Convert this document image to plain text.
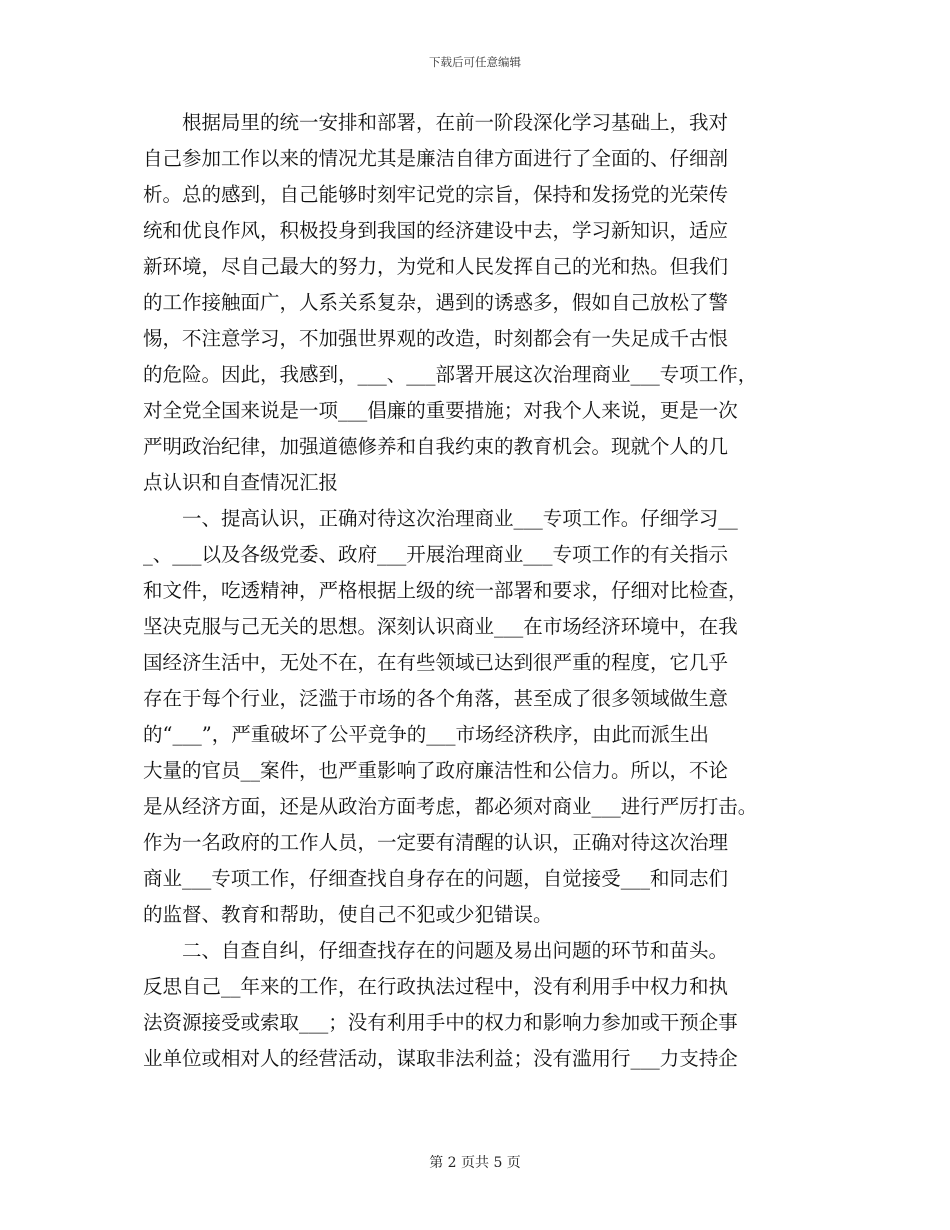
下载后可任意编辑
　　根据局里的统一安排和部署，在前一阶段深化学习基础上，我对
自己参加工作以来的情况尤其是廉洁自律方面进行了全面的、仔细剖
析。总的感到，自己能够时刻牢记党的宗旨，保持和发扬党的光荣传
统和优良作风，积极投身到我国的经济建设中去，学习新知识，适应
新环境，尽自己最大的努力，为党和人民发挥自己的光和热。但我们
的工作接触面广，人系关系复杂，遇到的诱惑多，假如自己放松了警
惕，不注意学习，不加强世界观的改造，时刻都会有一失足成千古恨
的危险。因此，我感到，___、___部署开展这次治理商业___专项工作，
对全党全国来说是一项___倡廉的重要措施；对我个人来说，更是一次
严明政治纪律，加强道德修养和自我约束的教育机会。现就个人的几
点认识和自查情况汇报
　　一、提高认识，正确对待这次治理商业___专项工作。仔细学习__
_、___以及各级党委、政府___开展治理商业___专项工作的有关指示
和文件，吃透精神，严格根据上级的统一部署和要求，仔细对比检查，
坚决克服与己无关的思想。深刻认识商业___在市场经济环境中，在我
国经济生活中，无处不在，在有些领域已达到很严重的程度，它几乎
存在于每个行业，泛滥于市场的各个角落，甚至成了很多领域做生意
的“___”，严重破坏了公平竞争的___市场经济秩序，由此而派生出
大量的官员__案件，也严重影响了政府廉洁性和公信力。所以，不论
是从经济方面，还是从政治方面考虑，都必须对商业___进行严厉打击。
作为一名政府的工作人员，一定要有清醒的认识，正确对待这次治理
商业___专项工作，仔细查找自身存在的问题，自觉接受___和同志们
的监督、教育和帮助，使自己不犯或少犯错误。
　　二、自查自纠，仔细查找存在的问题及易出问题的环节和苗头。
反思自己__年来的工作，在行政执法过程中，没有利用手中权力和执
法资源接受或索取___；没有利用手中的权力和影响力参加或干预企事
业单位或相对人的经营活动，谋取非法利益；没有滥用行___力支持企
第 2 页共 5 页
